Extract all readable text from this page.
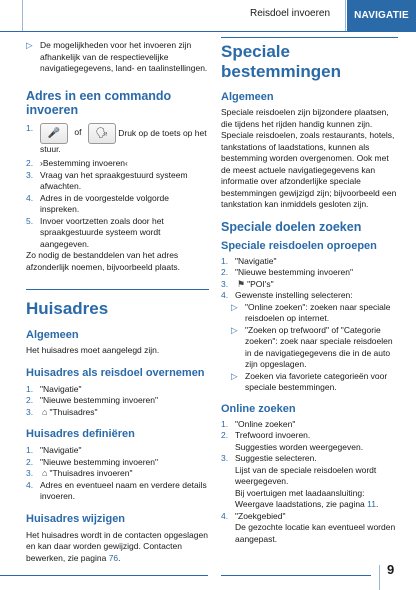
Reisdoel invoeren	NAVIGATIE
▷ De mogelijkheden voor het invoeren zijn afhankelijk van de respectievelijke navigatiegegevens, land- en taalinstellingen.
Adres in een commando invoeren
1. 🎤 of 🗣 Druk op de toets op het stuur.
2. ›Bestemming invoeren‹
3. Vraag van het spraakgestuurd systeem afwachten.
4. Adres in de voorgestelde volgorde inspreken.
5. Invoer voortzetten zoals door het spraakgestuurde systeem wordt aangegeven.
Zo nodig de bestanddelen van het adres afzonderlijk noemen, bijvoorbeeld plaats.
Huisadres
Algemeen
Het huisadres moet aangelegd zijn.
Huisadres als reisdoel overnemen
1. "Navigatie"
2. "Nieuwe bestemming invoeren"
3. ⌂ "Thuisadres"
Huisadres definiëren
1. "Navigatie"
2. "Nieuwe bestemming invoeren"
3. ⌂ "Thuisadres invoeren"
4. Adres en eventueel naam en verdere details invoeren.
Huisadres wijzigen
Het huisadres wordt in de contacten opgeslagen en kan daar worden gewijzigd. Contacten bewerken, zie pagina 76.
Speciale bestemmingen
Algemeen
Speciale reisdoelen zijn bijzondere plaatsen, die tijdens het rijden handig kunnen zijn. Speciale reisdoelen, zoals restaurants, hotels, tankstations of laadstations, kunnen als bestemming worden overgenomen. Ook met de meest actuele navigatiegegevens kan informatie over afzonderlijke speciale bestemmingen gewijzigd zijn; bijvoorbeeld een tankstation kan inmiddels gesloten zijn.
Speciale doelen zoeken
Speciale reisdoelen oproepen
1. "Navigatie"
2. "Nieuwe bestemming invoeren"
3. ⚑ "POI's"
4. Gewenste instelling selecteren:
▷ "Online zoeken": zoeken naar speciale reisdoelen op internet.
▷ "Zoeken op trefwoord" of "Categorie zoeken": zoek naar speciale reisdoelen in de navigatiegegevens die in de auto zijn opgeslagen.
▷ Zoeken via favoriete categorieën voor speciale bestemmingen.
Online zoeken
1. "Online zoeken"
2. Trefwoord invoeren.
Suggesties worden weergegeven.
3. Suggestie selecteren.
Lijst van de speciale reisdoelen wordt weergegeven.
Bij voertuigen met laadaansluiting: Weergave laadstations, zie pagina 11.
4. "Zoekgebied"
De gezochte locatie kan eventueel worden aangepast.
9
